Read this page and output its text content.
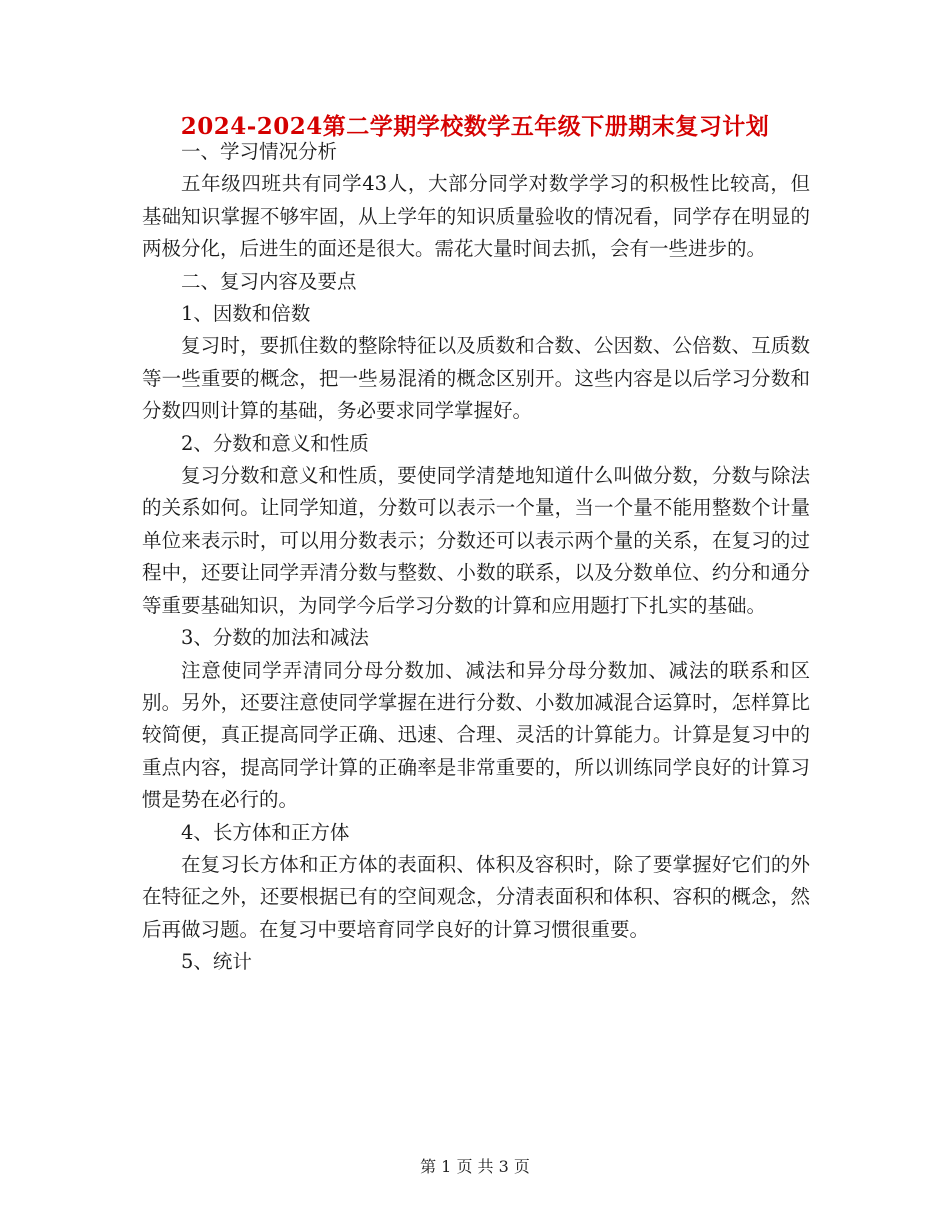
2024-2024第二学期学校数学五年级下册期末复习计划

一、学习情况分析

五年级四班共有同学43人，大部分同学对数学学习的积极性比较高，但基础知识掌握不够牢固，从上学年的知识质量验收的情况看，同学存在明显的两极分化，后进生的面还是很大。需花大量时间去抓，会有一些进步的。

二、复习内容及要点

1、因数和倍数

复习时，要抓住数的整除特征以及质数和合数、公因数、公倍数、互质数等一些重要的概念，把一些易混淆的概念区别开。这些内容是以后学习分数和分数四则计算的基础，务必要求同学掌握好。

2、分数和意义和性质

复习分数和意义和性质，要使同学清楚地知道什么叫做分数，分数与除法的关系如何。让同学知道，分数可以表示一个量，当一个量不能用整数个计量单位来表示时，可以用分数表示；分数还可以表示两个量的关系，在复习的过程中，还要让同学弄清分数与整数、小数的联系，以及分数单位、约分和通分等重要基础知识，为同学今后学习分数的计算和应用题打下扎实的基础。

3、分数的加法和减法

注意使同学弄清同分母分数加、减法和异分母分数加、减法的联系和区别。另外，还要注意使同学掌握在进行分数、小数加减混合运算时，怎样算比较简便，真正提高同学正确、迅速、合理、灵活的计算能力。计算是复习中的重点内容，提高同学计算的正确率是非常重要的，所以训练同学良好的计算习惯是势在必行的。

4、长方体和正方体

在复习长方体和正方体的表面积、体积及容积时，除了要掌握好它们的外在特征之外，还要根据已有的空间观念，分清表面积和体积、容积的概念，然后再做习题。在复习中要培育同学良好的计算习惯很重要。

5、统计

第 1 页 共 3 页
